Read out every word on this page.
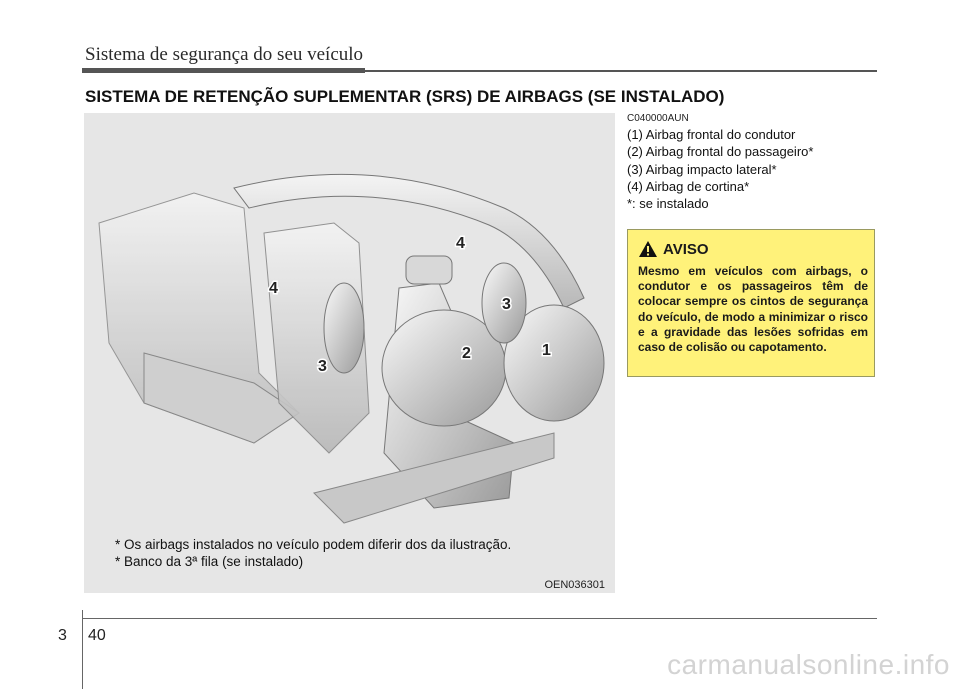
Sistema de segurança do seu veículo
SISTEMA DE RETENÇÃO SUPLEMENTAR (SRS) DE AIRBAGS (SE INSTALADO)
4
4
3
3
2	1
* Os airbags instalados no veículo podem diferir dos da ilustração.
* Banco da 3ª fila (se instalado)
OEN036301
C040000AUN
(1) Airbag frontal do condutor
(2) Airbag frontal do passageiro*
(3) Airbag impacto lateral*
(4) Airbag de cortina*
*: se instalado
AVISO
Mesmo em veículos com airbags, o condutor e os passageiros têm de colocar sempre os cintos de segurança do veículo, de modo a minimizar o risco e a gravidade das lesões sofridas em caso de colisão ou capotamento.
3 40
carmanualsonline.info
